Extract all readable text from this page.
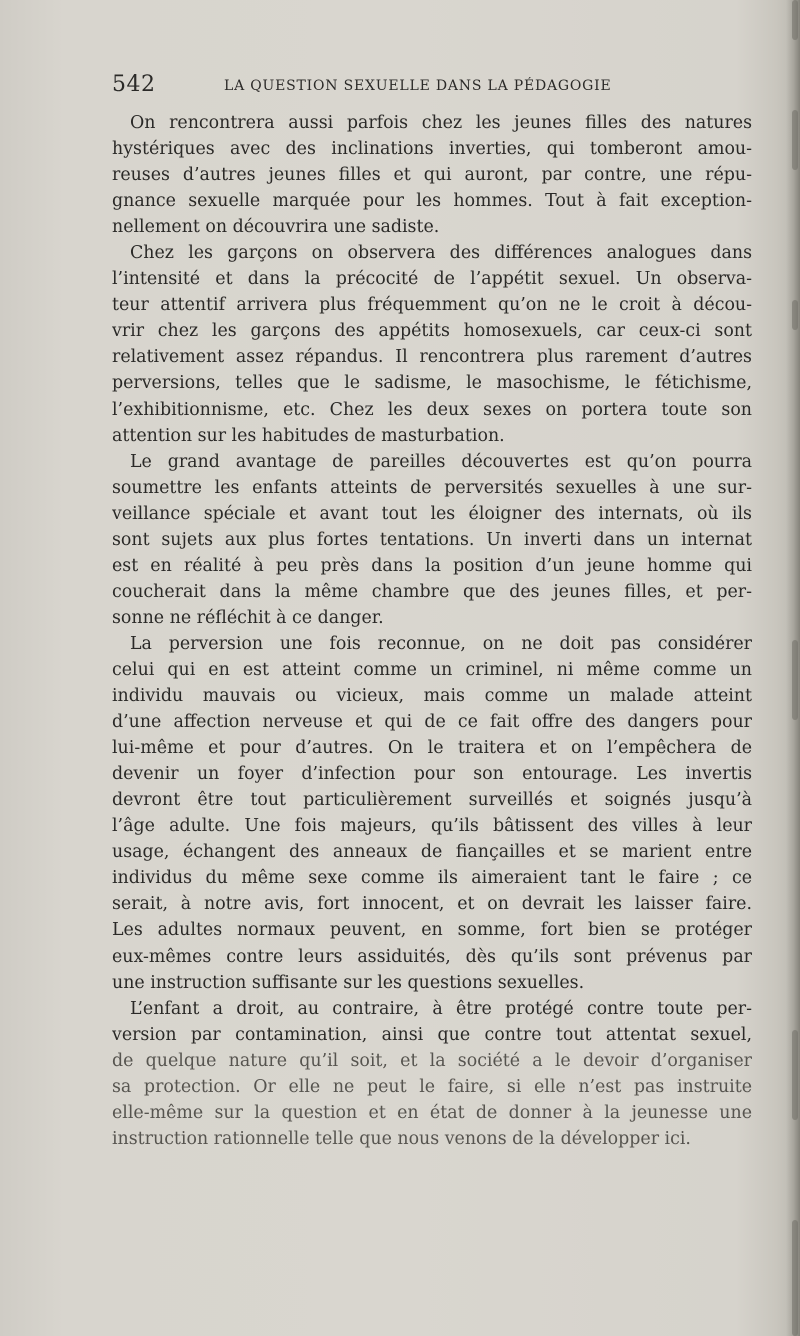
542	LA QUESTION SEXUELLE DANS LA PÉDAGOGIE
On rencontrera aussi parfois chez les jeunes filles des natures
hystériques avec des inclinations inverties, qui tomberont amou-
reuses d’autres jeunes filles et qui auront, par contre, une répu-
gnance sexuelle marquée pour les hommes. Tout à fait exception-
nellement on découvrira une sadiste.
Chez les garçons on observera des différences analogues dans
l’intensité et dans la précocité de l’appétit sexuel. Un observa-
teur attentif arrivera plus fréquemment qu’on ne le croit à décou-
vrir chez les garçons des appétits homosexuels, car ceux-ci sont
relativement assez répandus. Il rencontrera plus rarement d’autres
perversions, telles que le sadisme, le masochisme, le fétichisme,
l’exhibitionnisme, etc. Chez les deux sexes on portera toute son
attention sur les habitudes de masturbation.
Le grand avantage de pareilles découvertes est qu’on pourra
soumettre les enfants atteints de perversités sexuelles à une sur-
veillance spéciale et avant tout les éloigner des internats, où ils
sont sujets aux plus fortes tentations. Un inverti dans un internat
est en réalité à peu près dans la position d’un jeune homme qui
coucherait dans la même chambre que des jeunes filles, et per-
sonne ne réfléchit à ce danger.
La perversion une fois reconnue, on ne doit pas considérer
celui qui en est atteint comme un criminel, ni même comme un
individu mauvais ou vicieux, mais comme un malade atteint
d’une affection nerveuse et qui de ce fait offre des dangers pour
lui-même et pour d’autres. On le traitera et on l’empêchera de
devenir un foyer d’infection pour son entourage. Les invertis
devront être tout particulièrement surveillés et soignés jusqu’à
l’âge adulte. Une fois majeurs, qu’ils bâtissent des villes à leur
usage, échangent des anneaux de fiançailles et se marient entre
individus du même sexe comme ils aimeraient tant le faire ; ce
serait, à notre avis, fort innocent, et on devrait les laisser faire.
Les adultes normaux peuvent, en somme, fort bien se protéger
eux-mêmes contre leurs assiduités, dès qu’ils sont prévenus par
une instruction suffisante sur les questions sexuelles.
L’enfant a droit, au contraire, à être protégé contre toute per-
version par contamination, ainsi que contre tout attentat sexuel,
de quelque nature qu’il soit, et la société a le devoir d’organiser
sa protection. Or elle ne peut le faire, si elle n’est pas instruite
elle-même sur la question et en état de donner à la jeunesse une
instruction rationnelle telle que nous venons de la développer ici.
